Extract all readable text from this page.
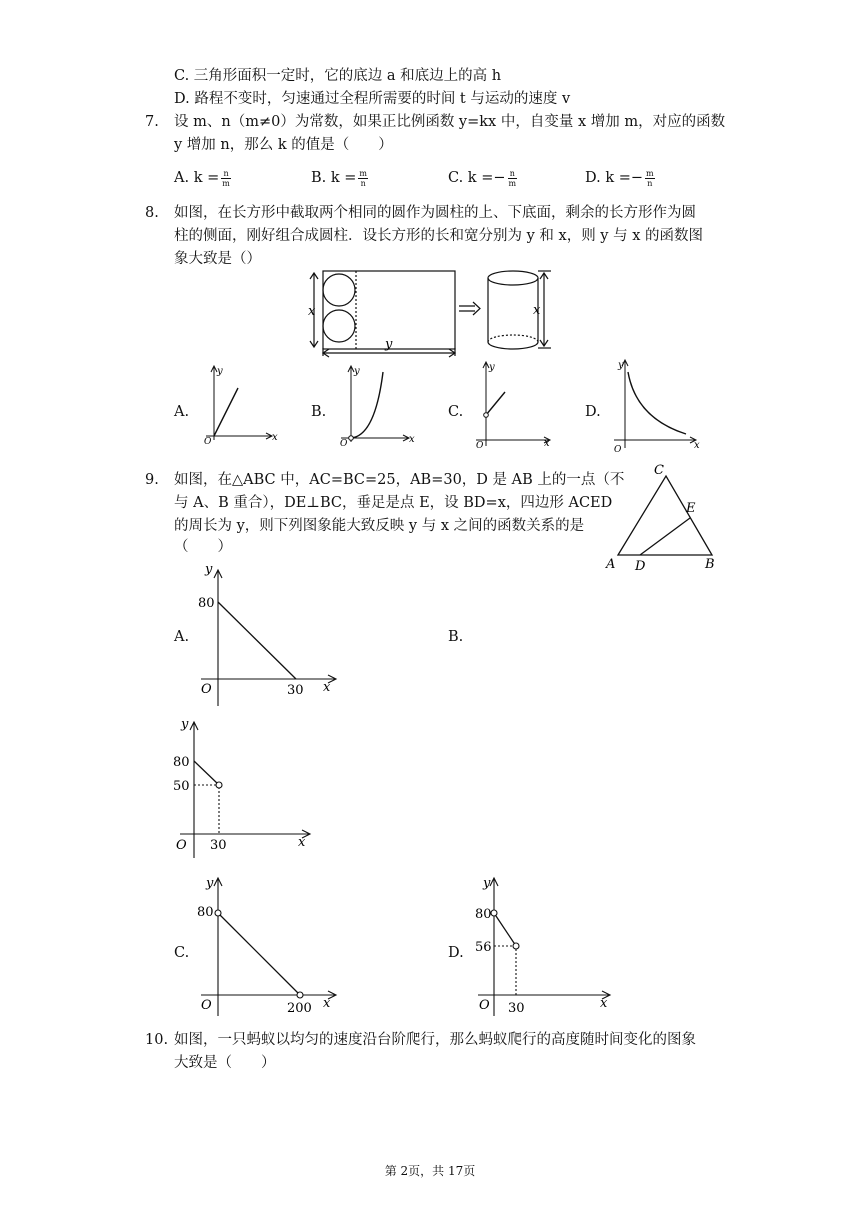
C. 三角形面积一定时，它的底边 a 和底边上的高 h
D. 路程不变时，匀速通过全程所需要的时间 t 与运动的速度 v
7. 设 m、n（m≠0）为常数，如果正比例函数 y=kx 中，自变量 x 增加 m，对应的函数
y 增加 n，那么 k 的值是（　　）
A. $k = \frac{n}{m}$	B. $k = \frac{m}{n}$	C. $k =- \frac{n}{m}$	D. $k =- \frac{m}{n}$
8. 如图，在长方形中截取两个相同的圆作为圆柱的上、下底面，剩余的长方形作为圆
柱的侧面，刚好组合成圆柱．设长方形的长和宽分别为 y 和 x，则 y 与 x 的函数图
象大致是（）
x
y
x
A.
y
x
O
B.
y
x
O
C.
y
x
O
D.
y
x
O
9. 如图，在△ABC 中，AC=BC=25，AB=30，D 是 AB 上的一点（不
与 A、B 重合），DE⊥BC，垂足是点 E，设 BD=x，四边形 ACED
的周长为 y，则下列图象能大致反映 y 与 x 之间的函数关系的是
（　　）
C
E
A D	B
A.
y
80
O	30 x
B.
y
80
50
O 30	x
C.
y
80
O	200 x
D.
y
80
56
O 30	x
10. 如图，一只蚂蚁以均匀的速度沿台阶爬行，那么蚂蚁爬行的高度随时间变化的图象
大致是（　　）
第 2页，共 17页
